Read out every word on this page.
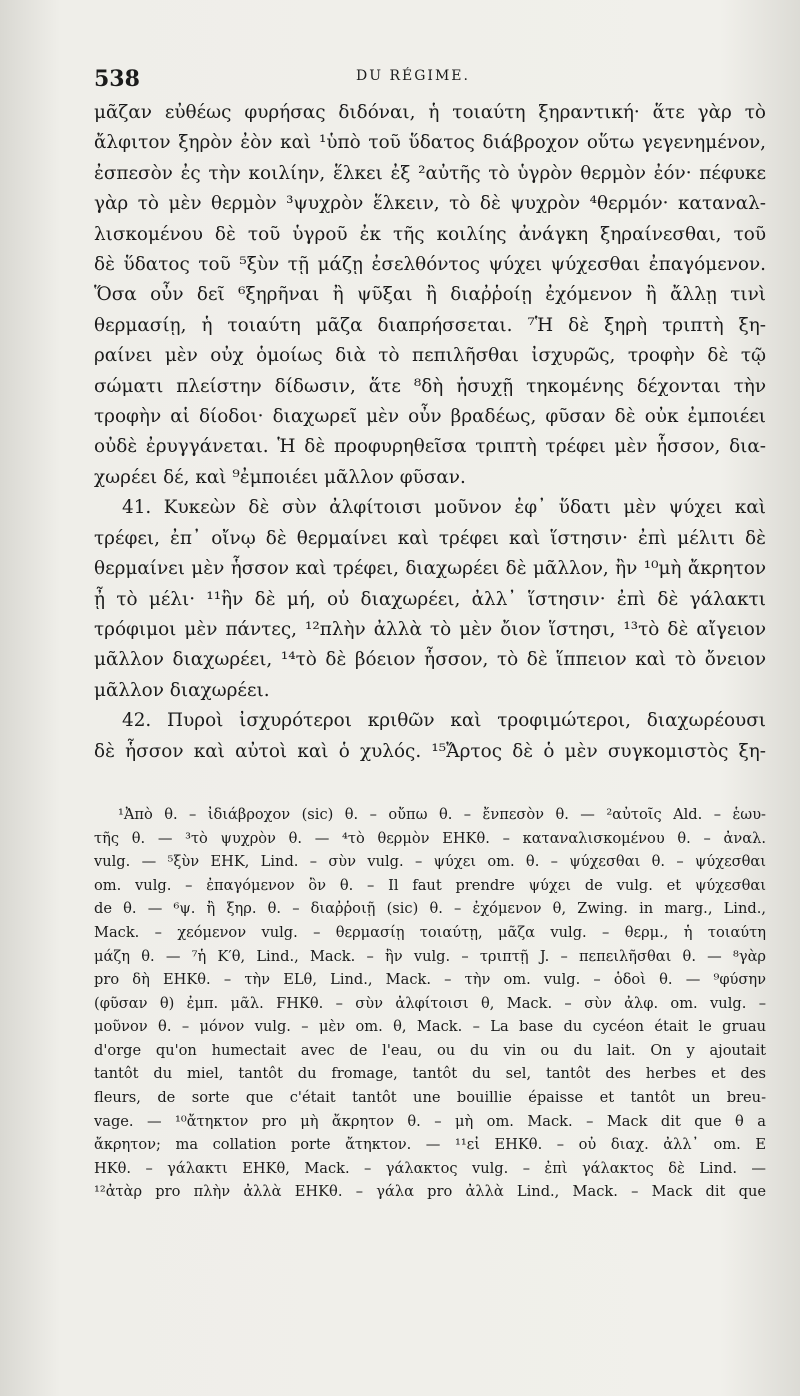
538	DU RÉGIME.
μᾶζαν εὐθέως φυρήσας διδόναι, ἡ τοιαύτη ξηραντική· ἅτε γὰρ τὸ
ἄλφιτον ξηρὸν ἐὸν καὶ ¹ὑπὸ τοῦ ὕδατος διάβροχον οὕτω γεγενημένον,
ἐσπεσὸν ἐς τὴν κοιλίην, ἕλκει ἐξ ²αὐτῆς τὸ ὑγρὸν θερμὸν ἐόν· πέφυκε
γὰρ τὸ μὲν θερμὸν ³ψυχρὸν ἕλκειν, τὸ δὲ ψυχρὸν ⁴θερμόν· καταναλ-
λισκομένου δὲ τοῦ ὑγροῦ ἐκ τῆς κοιλίης ἀνάγκη ξηραίνεσθαι, τοῦ
δὲ ὕδατος τοῦ ⁵ξὺν τῇ μάζῃ ἐσελθόντος ψύχει ψύχεσθαι ἐπαγόμενον.
Ὅσα οὖν δεῖ ⁶ξηρῆναι ἢ ψῦξαι ἢ διαῤῥοίῃ ἐχόμενον ἢ ἄλλῃ τινὶ
θερμασίῃ, ἡ τοιαύτη μᾶζα διαπρήσσεται. ⁷Ἡ δὲ ξηρὴ τριπτὴ ξη-
ραίνει μὲν οὐχ ὁμοίως διὰ τὸ πεπιλῆσθαι ἰσχυρῶς, τροφὴν δὲ τῷ
σώματι πλείστην δίδωσιν, ἅτε ⁸δὴ ἡσυχῇ τηκομένης δέχονται τὴν
τροφὴν αἱ δίοδοι· διαχωρεῖ μὲν οὖν βραδέως, φῦσαν δὲ οὐκ ἐμποιέει
οὐδὲ ἐρυγγάνεται. Ἡ δὲ προφυρηθεῖσα τριπτὴ τρέφει μὲν ἧσσον, δια-
χωρέει δέ, καὶ ⁹ἐμποιέει μᾶλλον φῦσαν.
41. Κυκεὼν δὲ σὺν ἀλφίτοισι μοῦνον ἐφ᾽ ὕδατι μὲν ψύχει καὶ
τρέφει, ἐπ᾽ οἴνῳ δὲ θερμαίνει καὶ τρέφει καὶ ἵστησιν· ἐπὶ μέλιτι δὲ
θερμαίνει μὲν ἧσσον καὶ τρέφει, διαχωρέει δὲ μᾶλλον, ἢν ¹⁰μὴ ἄκρητον
ᾖ τὸ μέλι· ¹¹ἢν δὲ μή, οὐ διαχωρέει, ἀλλ᾽ ἵστησιν· ἐπὶ δὲ γάλακτι
τρόφιμοι μὲν πάντες, ¹²πλὴν ἀλλὰ τὸ μὲν ὄιον ἵστησι, ¹³τὸ δὲ αἴγειον
μᾶλλον διαχωρέει, ¹⁴τὸ δὲ βόειον ἧσσον, τὸ δὲ ἵππειον καὶ τὸ ὄνειον
μᾶλλον διαχωρέει.
42. Πυροὶ ἰσχυρότεροι κριθῶν καὶ τροφιμώτεροι, διαχωρέουσι
δὲ ἧσσον καὶ αὐτοὶ καὶ ὁ χυλός. ¹⁵Ἄρτος δὲ ὁ μὲν συγκομιστὸς ξη-
¹Ἀπὸ θ. – ἰδιάβροχον (sic) θ. – οὔπω θ. – ἔνπεσὸν θ. — ²αὐτοῖς Ald. – ἑωυ-
τῆς θ. — ³τὸ ψυχρὸν θ. — ⁴τὸ θερμὸν ΕΗΚθ. – καταναλισκομένου θ. – ἀναλ.
vulg. — ⁵ξὺν ΕΗΚ, Lind. – σὺν vulg. – ψύχει om. θ. – ψύχεσθαι θ. – ψύχεσθαι
om. vulg. – ἐπαγόμενον ὂν θ. – Il faut prendre ψύχει de vulg. et ψύχεσθαι
de θ. — ⁶ψ. ἢ ξηρ. θ. – διαῤῥοιῇ (sic) θ. – ἐχόμενον θ, Zwing. in marg., Lind.,
Mack. – χεόμενον vulg. – θερμασίῃ τοιαύτῃ, μᾶζα vulg. – θερμ., ἡ τοιαύτη
μάζη θ. — ⁷ἡ K′θ, Lind., Mack. – ἢν vulg. – τριπτῇ J. – πεπειλῆσθαι θ. — ⁸γὰρ
pro δὴ ΕΗΚθ. – τὴν ELθ, Lind., Mack. – τὴν om. vulg. – ὁδοὶ θ. — ⁹φύσην
(φῦσαν θ) ἐμπ. μᾶλ. FHKθ. – σὺν ἀλφίτοισι θ, Mack. – σὺν ἀλφ. om. vulg. –
μοῦνον θ. – μόνον vulg. – μὲν om. θ, Mack. – La base du cycéon était le gruau
d'orge qu'on humectait avec de l'eau, ou du vin ou du lait. On y ajoutait
tantôt du miel, tantôt du fromage, tantôt du sel, tantôt des herbes et des
fleurs, de sorte que c'était tantôt une bouillie épaisse et tantôt un breu-
vage. — ¹⁰ἄτηκτον pro μὴ ἄκρητον θ. – μὴ om. Mack. – Mack dit que θ a
ἄκρητον; ma collation porte ἄτηκτον. — ¹¹εἰ ΕΗΚθ. – οὐ διαχ. ἀλλ᾽ om. E
ΗΚθ. – γάλακτι ΕΗΚθ, Mack. – γάλακτος vulg. – ἐπὶ γάλακτος δὲ Lind. —
¹²ἀτὰρ pro πλὴν ἀλλὰ ΕΗΚθ. – γάλα pro ἀλλὰ Lind., Mack. – Mack dit que
